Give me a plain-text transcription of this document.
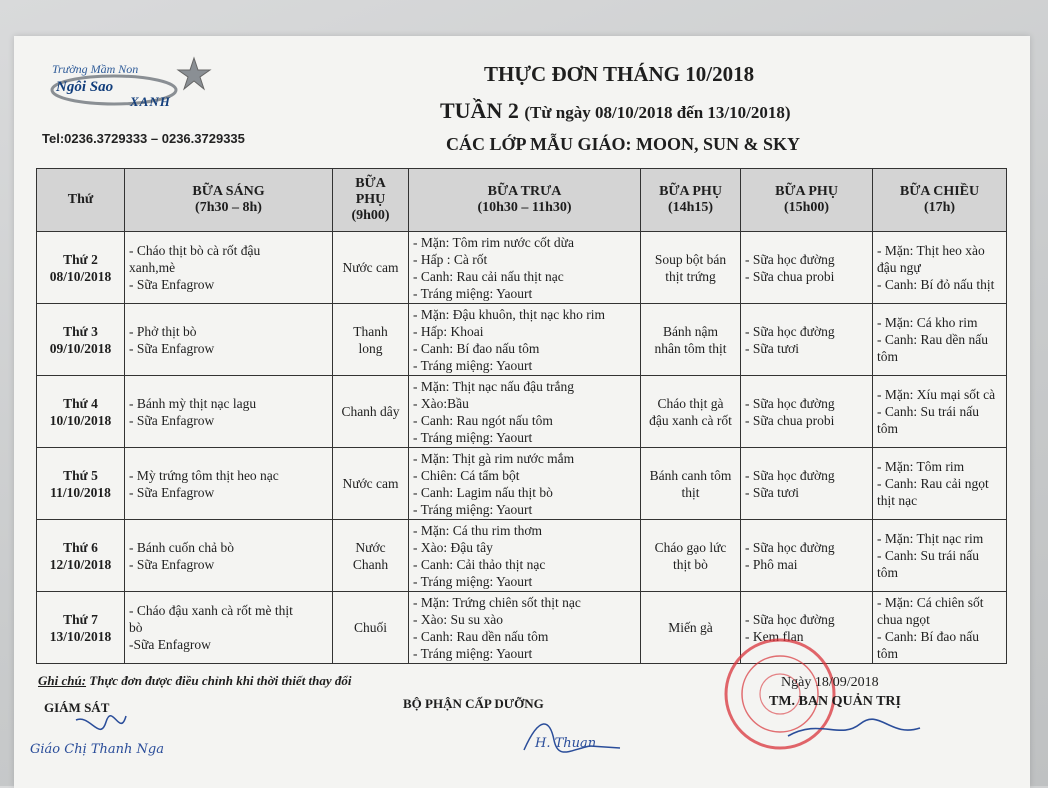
Trường Mầm Non
Ngôi Sao
XANH
Tel:0236.3729333 – 0236.3729335
THỰC ĐƠN THÁNG 10/2018
TUẦN 2 (Từ ngày 08/10/2018 đến 13/10/2018)
CÁC LỚP MẪU GIÁO: MOON, SUN & SKY
Thứ	BỮA SÁNG
(7h30 – 8h)	BỮA
PHỤ
(9h00)	BỮA TRƯA
(10h30 – 11h30)	BỮA PHỤ
(14h15)	BỮA PHỤ
(15h00)	BỮA CHIỀU
(17h)

Thứ 2
08/10/2018	- Cháo thịt bò cà rốt đậu
xanh,mè
- Sữa Enfagrow	Nước cam	- Mặn: Tôm rim nước cốt dừa
- Hấp : Cà rốt
- Canh: Rau cải nấu thịt nạc
- Tráng miệng: Yaourt	Soup bột bán
thịt trứng	- Sữa học đường
- Sữa chua probi	- Mặn: Thịt heo xào
đậu ngự
- Canh: Bí đỏ nấu thịt

Thứ 3
09/10/2018	- Phở thịt bò
- Sữa Enfagrow	Thanh
long	- Mặn: Đậu khuôn, thịt nạc kho rim
- Hấp: Khoai
- Canh: Bí đao nấu tôm
- Tráng miệng: Yaourt	Bánh nậm
nhân tôm thịt	- Sữa học đường
- Sữa tươi	- Mặn: Cá kho rim
- Canh: Rau dền nấu
tôm

Thứ 4
10/10/2018	- Bánh mỳ thịt nạc lagu
- Sữa Enfagrow	Chanh dây	- Mặn: Thịt nạc nấu đậu trắng
- Xào:Bầu
- Canh: Rau ngót nấu tôm
- Tráng miệng: Yaourt	Cháo thịt gà
đậu xanh cà rốt	- Sữa học đường
- Sữa chua probi	- Mặn: Xíu mại sốt cà
- Canh: Su trái nấu
tôm

Thứ 5
11/10/2018	- Mỳ trứng tôm thịt heo nạc
- Sữa Enfagrow	Nước cam	- Mặn: Thịt gà rim nước mắm
- Chiên: Cá tẩm bột
- Canh: Lagim nấu thịt bò
- Tráng miệng: Yaourt	Bánh canh tôm
thịt	- Sữa học đường
- Sữa tươi	- Mặn: Tôm rim
- Canh: Rau cải ngọt
thịt nạc

Thứ 6
12/10/2018	- Bánh cuốn chả bò
- Sữa Enfagrow	Nước
Chanh	- Mặn: Cá thu rim thơm
- Xào: Đậu tây
- Canh: Cải thảo thịt nạc
- Tráng miệng: Yaourt	Cháo gạo lức
thịt bò	- Sữa học đường
- Phô mai	- Mặn: Thịt nạc rim
- Canh: Su trái nấu
tôm

Thứ 7
13/10/2018	- Cháo đậu xanh cà rốt mè thịt
bò
-Sữa Enfagrow	Chuối	- Mặn: Trứng chiên sốt thịt nạc
- Xào: Su su xào
- Canh: Rau dền nấu tôm
- Tráng miệng: Yaourt	Miến gà	- Sữa học đường
- Kem flan	- Mặn: Cá chiên sốt
chua ngọt
- Canh: Bí đao nấu
tôm
Ghi chú: Thực đơn được điều chỉnh khi thời thiết thay đổi	Ngày 18/09/2018
GIÁM SÁT
Giáo Chị Thanh Nga
BỘ PHẬN CẤP DƯỠNG
H. Thuan
TM. BAN QUẢN TRỊ
